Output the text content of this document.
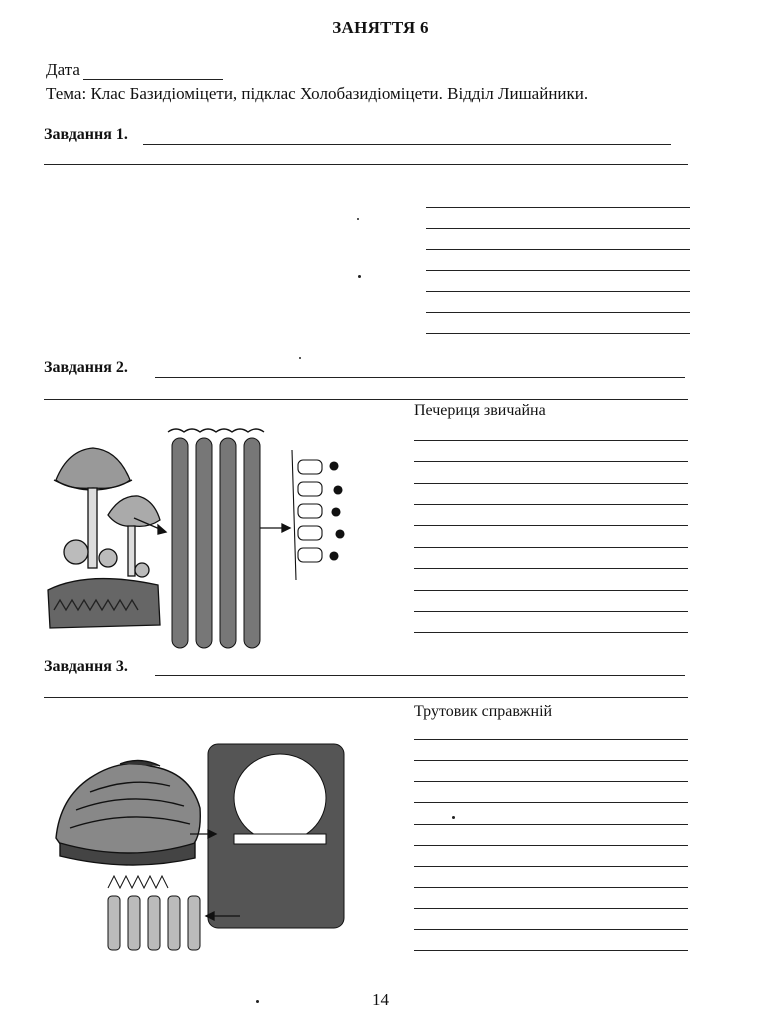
ЗАНЯТТЯ 6
Дата
Тема: Клас Базидіоміцети, підклас Холобазидіоміцети. Відділ Лишайники.
Завдання 1.
Завдання 2.
Печериця звичайна
Завдання 3.
Трутовик справжній
14
